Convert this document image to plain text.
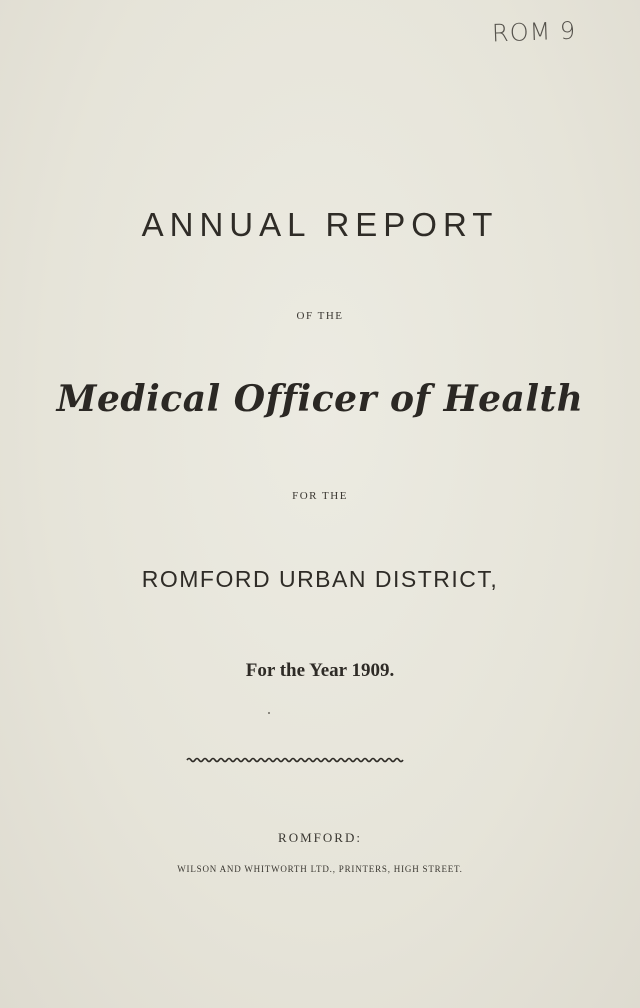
ROM 9
ANNUAL REPORT
OF THE
Medical Officer of Health
FOR THE
ROMFORD URBAN DISTRICT,
For the Year 1909.
ROMFORD:
WILSON AND WHITWORTH LTD., PRINTERS, HIGH STREET.
